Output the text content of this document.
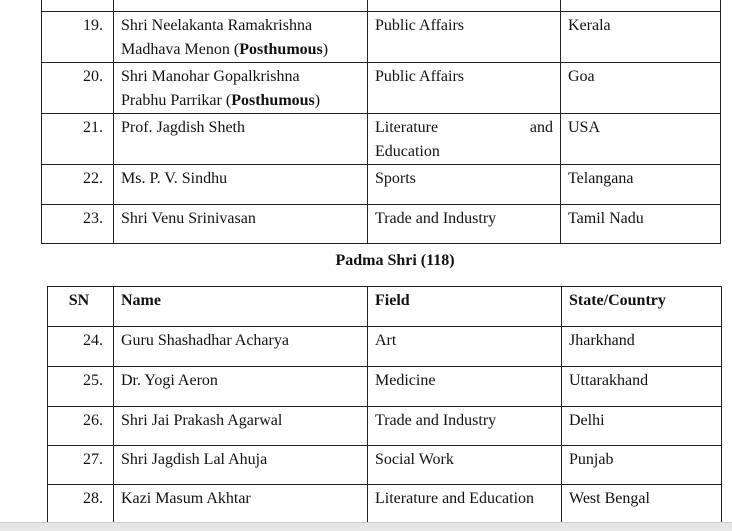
19.	Shri Neelakanta Ramakrishna
Madhava Menon (Posthumous)	Public Affairs	Kerala
20.	Shri Manohar Gopalkrishna
Prabhu Parrikar (Posthumous)	Public Affairs	Goa
21.	Prof. Jagdish Sheth	Literature and
Education	USA
22.	Ms. P. V. Sindhu	Sports	Telangana
23.	Shri Venu Srinivasan	Trade and Industry	Tamil Nadu
Padma Shri (118)
SN	Name	Field	State/Country
24.	Guru Shashadhar Acharya	Art	Jharkhand
25.	Dr. Yogi Aeron	Medicine	Uttarakhand
26.	Shri Jai Prakash Agarwal	Trade and Industry	Delhi
27.	Shri Jagdish Lal Ahuja	Social Work	Punjab
28.	Kazi Masum Akhtar	Literature and Education	West Bengal
